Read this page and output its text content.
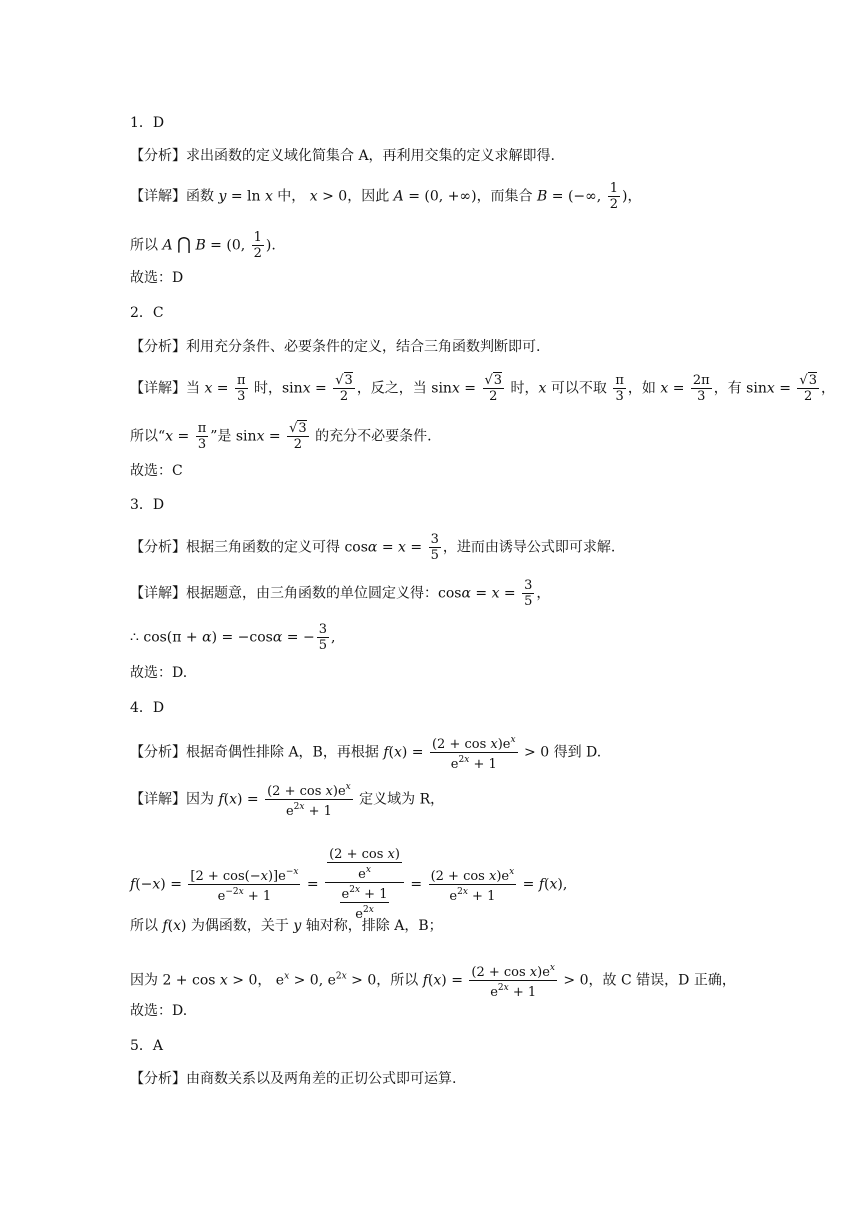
1．D
【分析】求出函数的定义域化简集合 A，再利用交集的定义求解即得.
【详解】函数 y = ln x 中， x > 0，因此 A = (0, +∞)，而集合 B = (−∞, $\frac{1}{2}$ )，
所以 A ⋂ B = (0, $\frac{1}{2}$ ).
故选：D
2．C
【分析】利用充分条件、必要条件的定义，结合三角函数判断即可.
【详解】当 $x = \frac{\pi}{3}$ 时，$\sin x = \frac{√3}{2}$ ，反之，当 $\sin x = \frac{√3}{2}$ 时，x 可以不取 $\frac{\pi}{3}$ ，如 $x = \frac{2\pi}{3}$ ，有 $\sin x = \frac{√3}{2}$ ，
所以“$x = \frac{\pi}{3}$ ”是 $\sin x = \frac{√3}{2}$ 的充分不必要条件.
故选：C
3．D
【分析】根据三角函数的定义可得 $\cos\alpha = x = \frac{3}{5}$ ，进而由诱导公式即可求解.
【详解】根据题意，由三角函数的单位圆定义得：$\cos\alpha = x = \frac{3}{5}$ ，
∴ cos(π + α) = −cosα = − $\frac{3}{5}$ ,
故选：D.
4．D
【分析】根据奇偶性排除 A，B，再根据 $f(x) = \frac{(2 + \cos x)e^x}{e^{2x} + 1} > 0$ 得到 D.
【详解】因为 $f(x) = \frac{(2 + \cos x)e^x}{e^{2x} + 1}$ 定义域为 R，
$f(-x) = \frac{[2 + \cos(-x)]e^{-x}}{e^{-2x} + 1} = \frac{\frac{\text{(2 + cos x)}}{e^x}}{\frac{e^{2x} + 1}{e^{2x}}} = \frac{(2 + \cos x)e^x}{e^{2x} + 1} = f(x)$,
所以 f(x) 为偶函数，关于 y 轴对称，排除 A，B；
因为 2 + cos x > 0， $e^x > 0$, $e^{2x} > 0$，所以 $f(x) = \frac{(2 + \cos x)e^x}{e^{2x} + 1} > 0$，故 C 错误，D 正确，
故选：D.
5．A
【分析】由商数关系以及两角差的正切公式即可运算.
